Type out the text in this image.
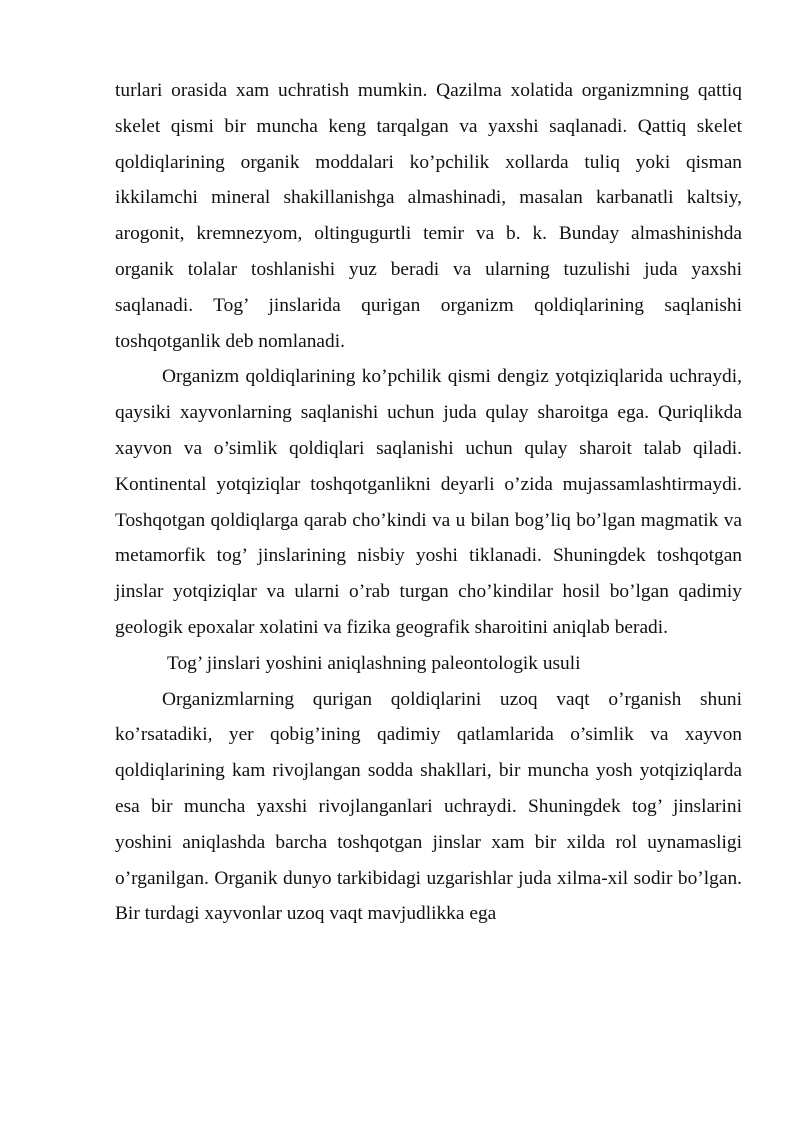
turlari orasida xam uchratish mumkin. Qazilma xolatida organizmning qattiq skelet qismi bir muncha keng tarqalgan va yaxshi saqlanadi. Qattiq skelet qoldiqlarining organik moddalari ko’pchilik xollarda tuliq yoki qisman ikkilamchi mineral shakillanishga almashinadi, masalan karbanatli kaltsiy, arogonit, kremnezyom, oltingugurtli temir va b. k. Bunday almashinishda organik tolalar toshlanishi yuz beradi va ularning tuzulishi juda yaxshi saqlanadi. Tog’ jinslarida qurigan organizm qoldiqlarining saqlanishi toshqotganlik deb nomlanadi.

Organizm qoldiqlarining ko’pchilik qismi dengiz yotqiziqlarida uchraydi, qaysiki xayvonlarning saqlanishi uchun juda qulay sharoitga ega. Quriqlikda xayvon va o’simlik qoldiqlari saqlanishi uchun qulay sharoit talab qiladi. Kontinental yotqiziqlar toshqotganlikni deyarli o’zida mujassamlashtirmaydi. Toshqotgan qoldiqlarga qarab cho’kindi va u bilan bog’liq bo’lgan magmatik va metamorfik tog’ jinslarining nisbiy yoshi tiklanadi. Shuningdek toshqotgan jinslar yotqiziqlar va ularni o’rab turgan cho’kindilar hosil bo’lgan qadimiy geologik epoxalar xolatini va fizika geografik sharoitini aniqlab beradi.

Tog’ jinslari yoshini aniqlashning paleontologik usuli

Organizmlarning qurigan qoldiqlarini uzoq vaqt o’rganish shuni ko’rsatadiki, yer qobig’ining qadimiy qatlamlarida o’simlik va xayvon qoldiqlarining kam rivojlangan sodda shakllari, bir muncha yosh yotqiziqlarda esa bir muncha yaxshi rivojlanganlari uchraydi. Shuningdek tog’ jinslarini yoshini aniqlashda barcha toshqotgan jinslar xam bir xilda rol uynamasligi o’rganilgan. Organik dunyo tarkibidagi uzgarishlar juda xilma-xil sodir bo’lgan. Bir turdagi xayvonlar uzoq vaqt mavjudlikka ega
